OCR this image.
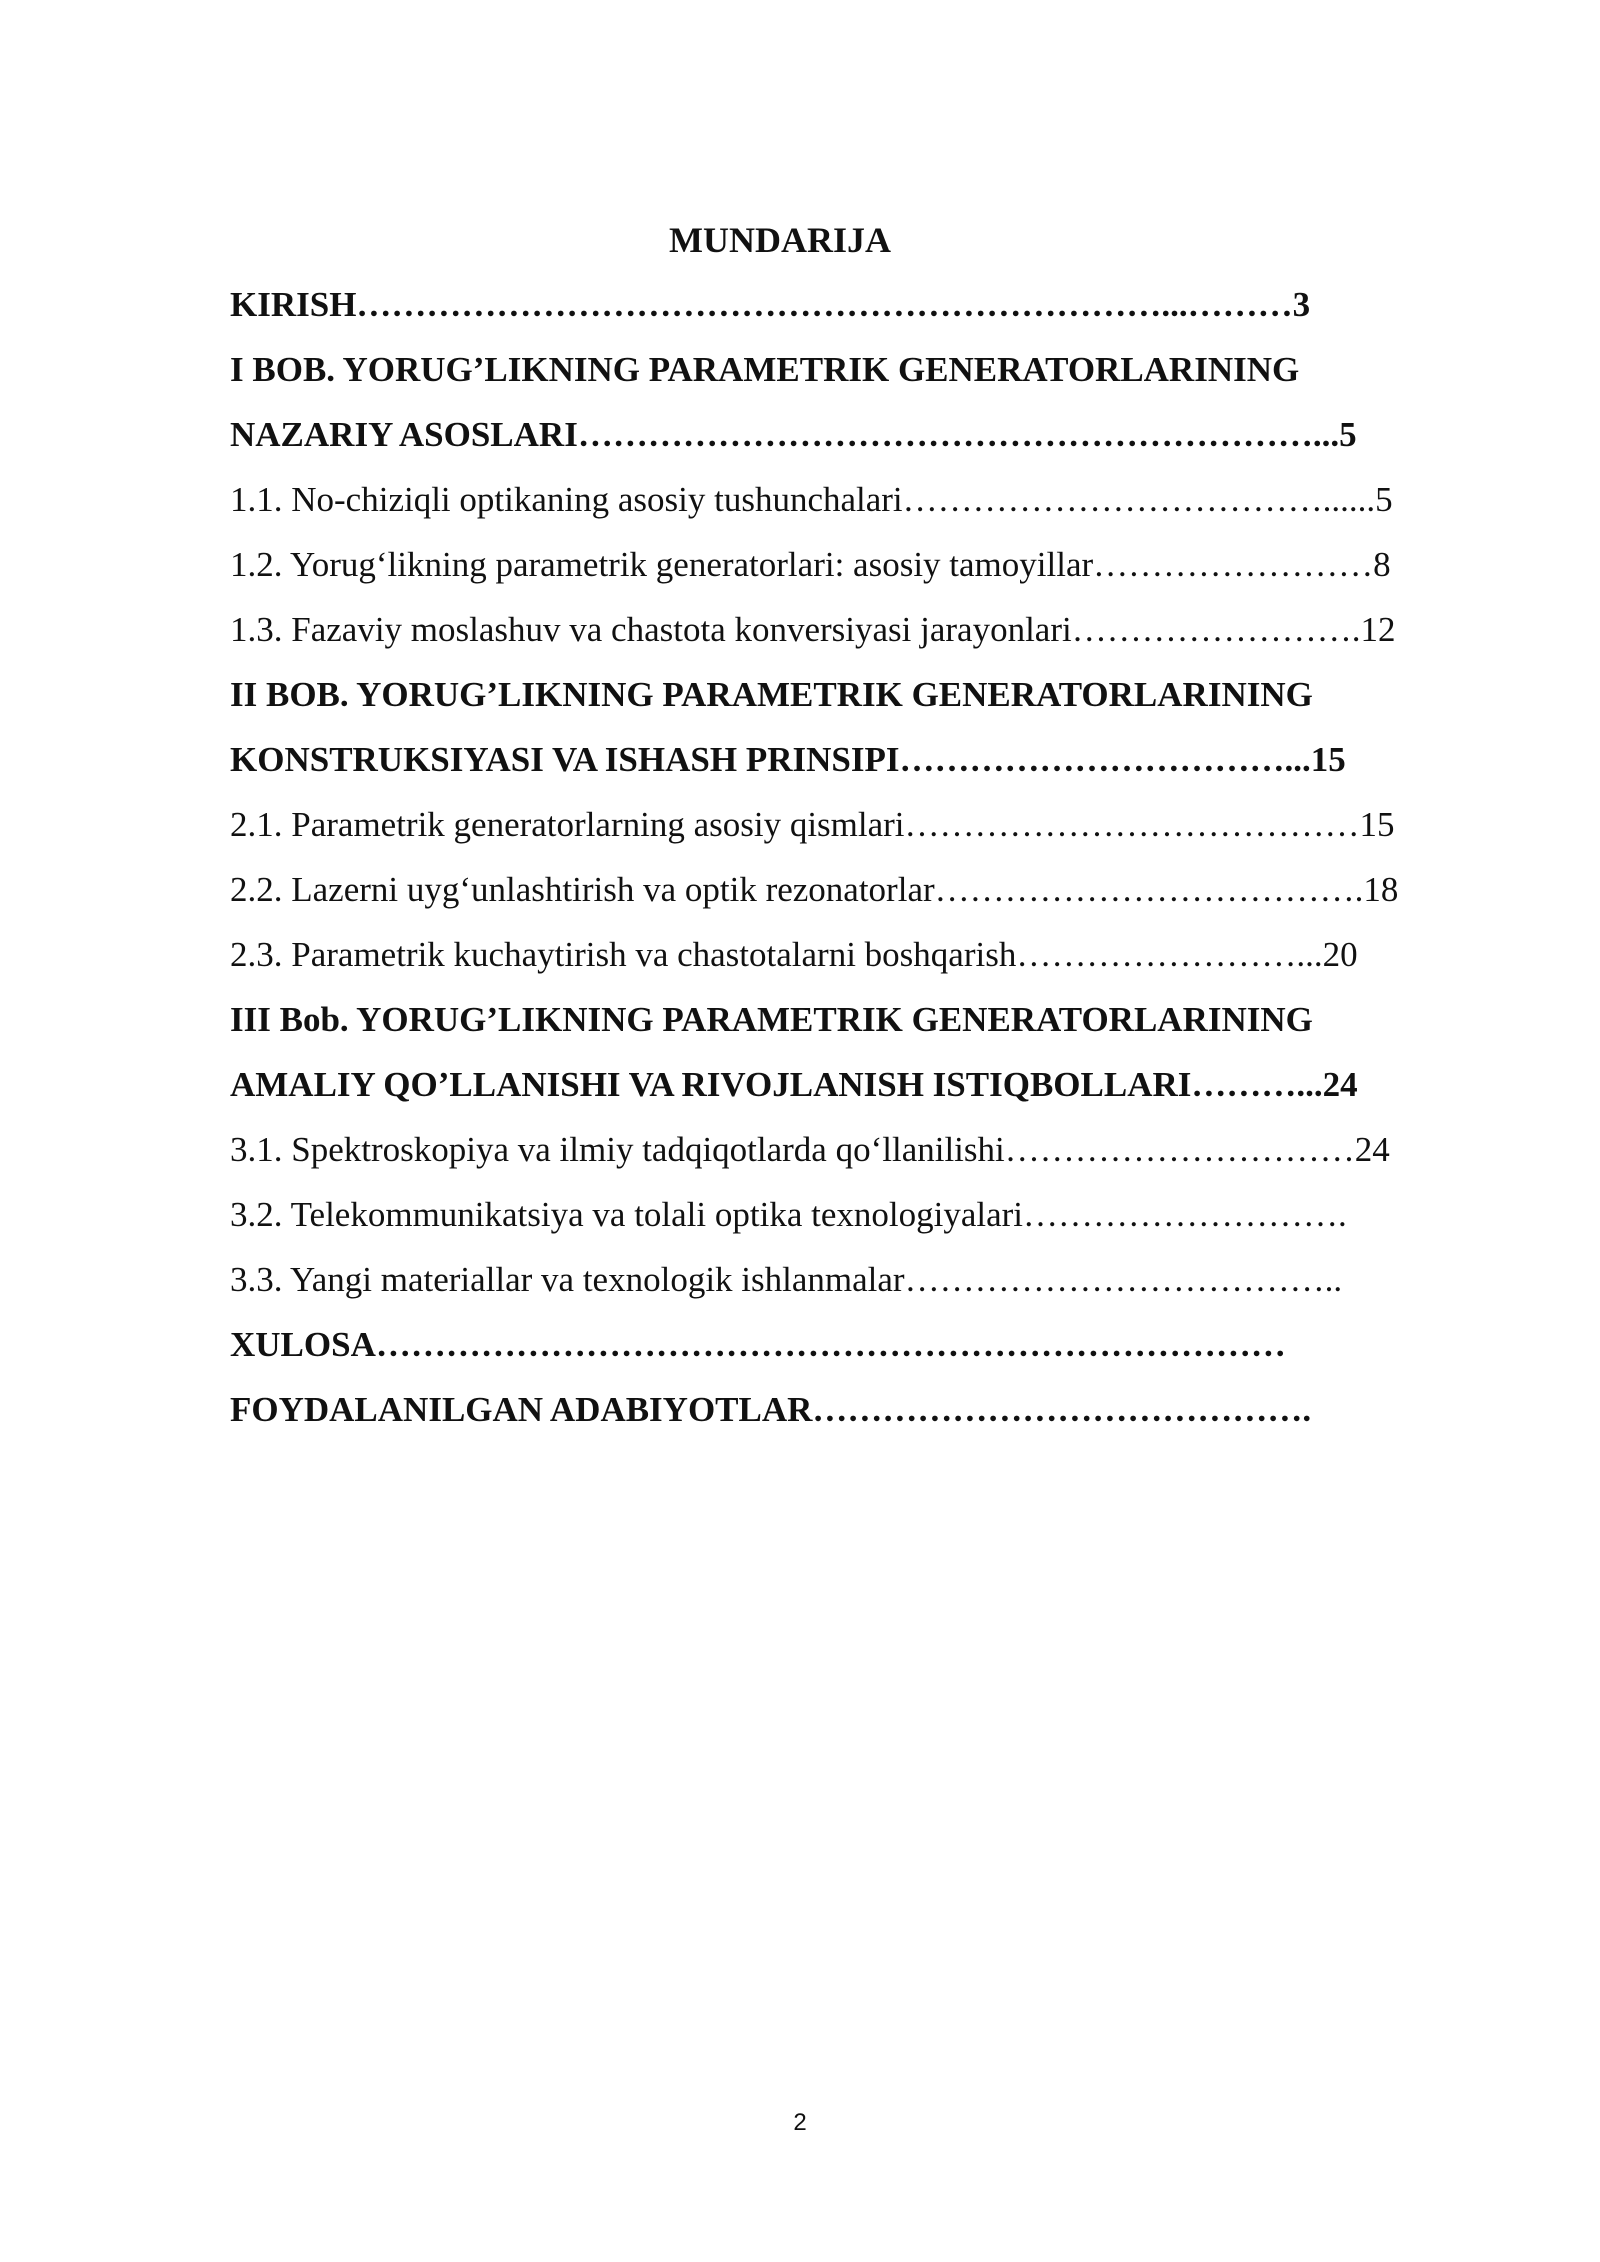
MUNDARIJA
KIRISH……………………………………………………………...………3
I BOB. YORUG’LIKNING PARAMETRIK GENERATORLARINING
NAZARIY ASOSLARI………………………………………………………...5
1.1. No-chiziqli optikaning asosiy tushunchalari………………………………......5
1.2. Yorug‘likning parametrik generatorlari: asosiy tamoyillar……………………8
1.3. Fazaviy moslashuv va chastota konversiyasi jarayonlari…………………….12
II BOB. YORUG’LIKNING PARAMETRIK GENERATORLARINING
KONSTRUKSIYASI VA ISHASH PRINSIPI……………………………...15
2.1. Parametrik generatorlarning asosiy qismlari…………………………………15
2.2. Lazerni uyg‘unlashtirish va optik rezonatorlar……………………………….18
2.3. Parametrik kuchaytirish va chastotalarni boshqarish……………………...20
III Bob. YORUG’LIKNING PARAMETRIK GENERATORLARINING
AMALIY QO’LLANISHI VA RIVOJLANISH ISTIQBOLLARI………...24
3.1. Spektroskopiya va ilmiy tadqiqotlarda qo‘llanilishi…………………………24
3.2. Telekommunikatsiya va tolali optika texnologiyalari……………………….
3.3. Yangi materiallar va texnologik ishlanmalar………………………………..
XULOSA……………………………………………………………………
FOYDALANILGAN ADABIYOTLAR…………………………………….
2
